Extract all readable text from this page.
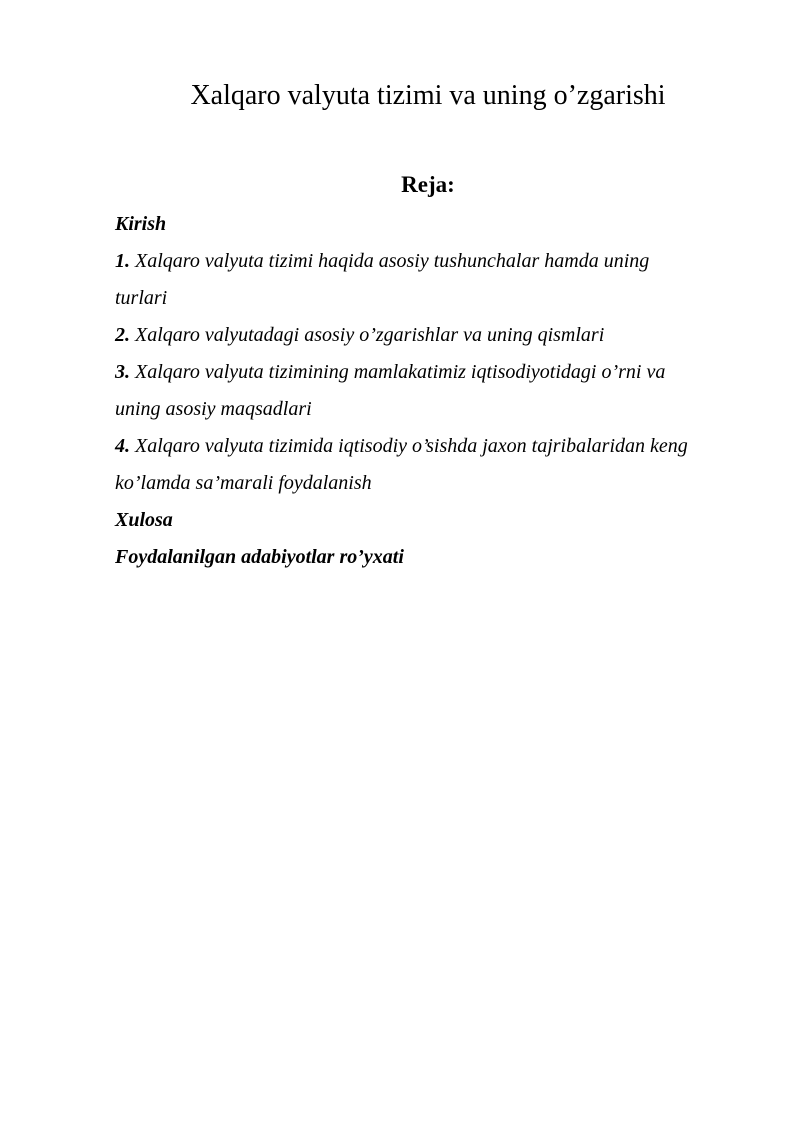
Xalqaro valyuta tizimi va uning o’zgarishi
Reja:
Kirish
1. Xalqaro valyuta tizimi haqida asosiy tushunchalar hamda uning
turlari
2. Xalqaro valyutadagi asosiy o’zgarishlar va uning qismlari
3. Xalqaro valyuta tizimining mamlakatimiz iqtisodiyotidagi o’rni va
uning asosiy maqsadlari
4. Xalqaro valyuta tizimida iqtisodiy o’sishda jaxon tajribalaridan keng
ko’lamda sa’marali foydalanish
Xulosa
Foydalanilgan adabiyotlar ro’yxati
